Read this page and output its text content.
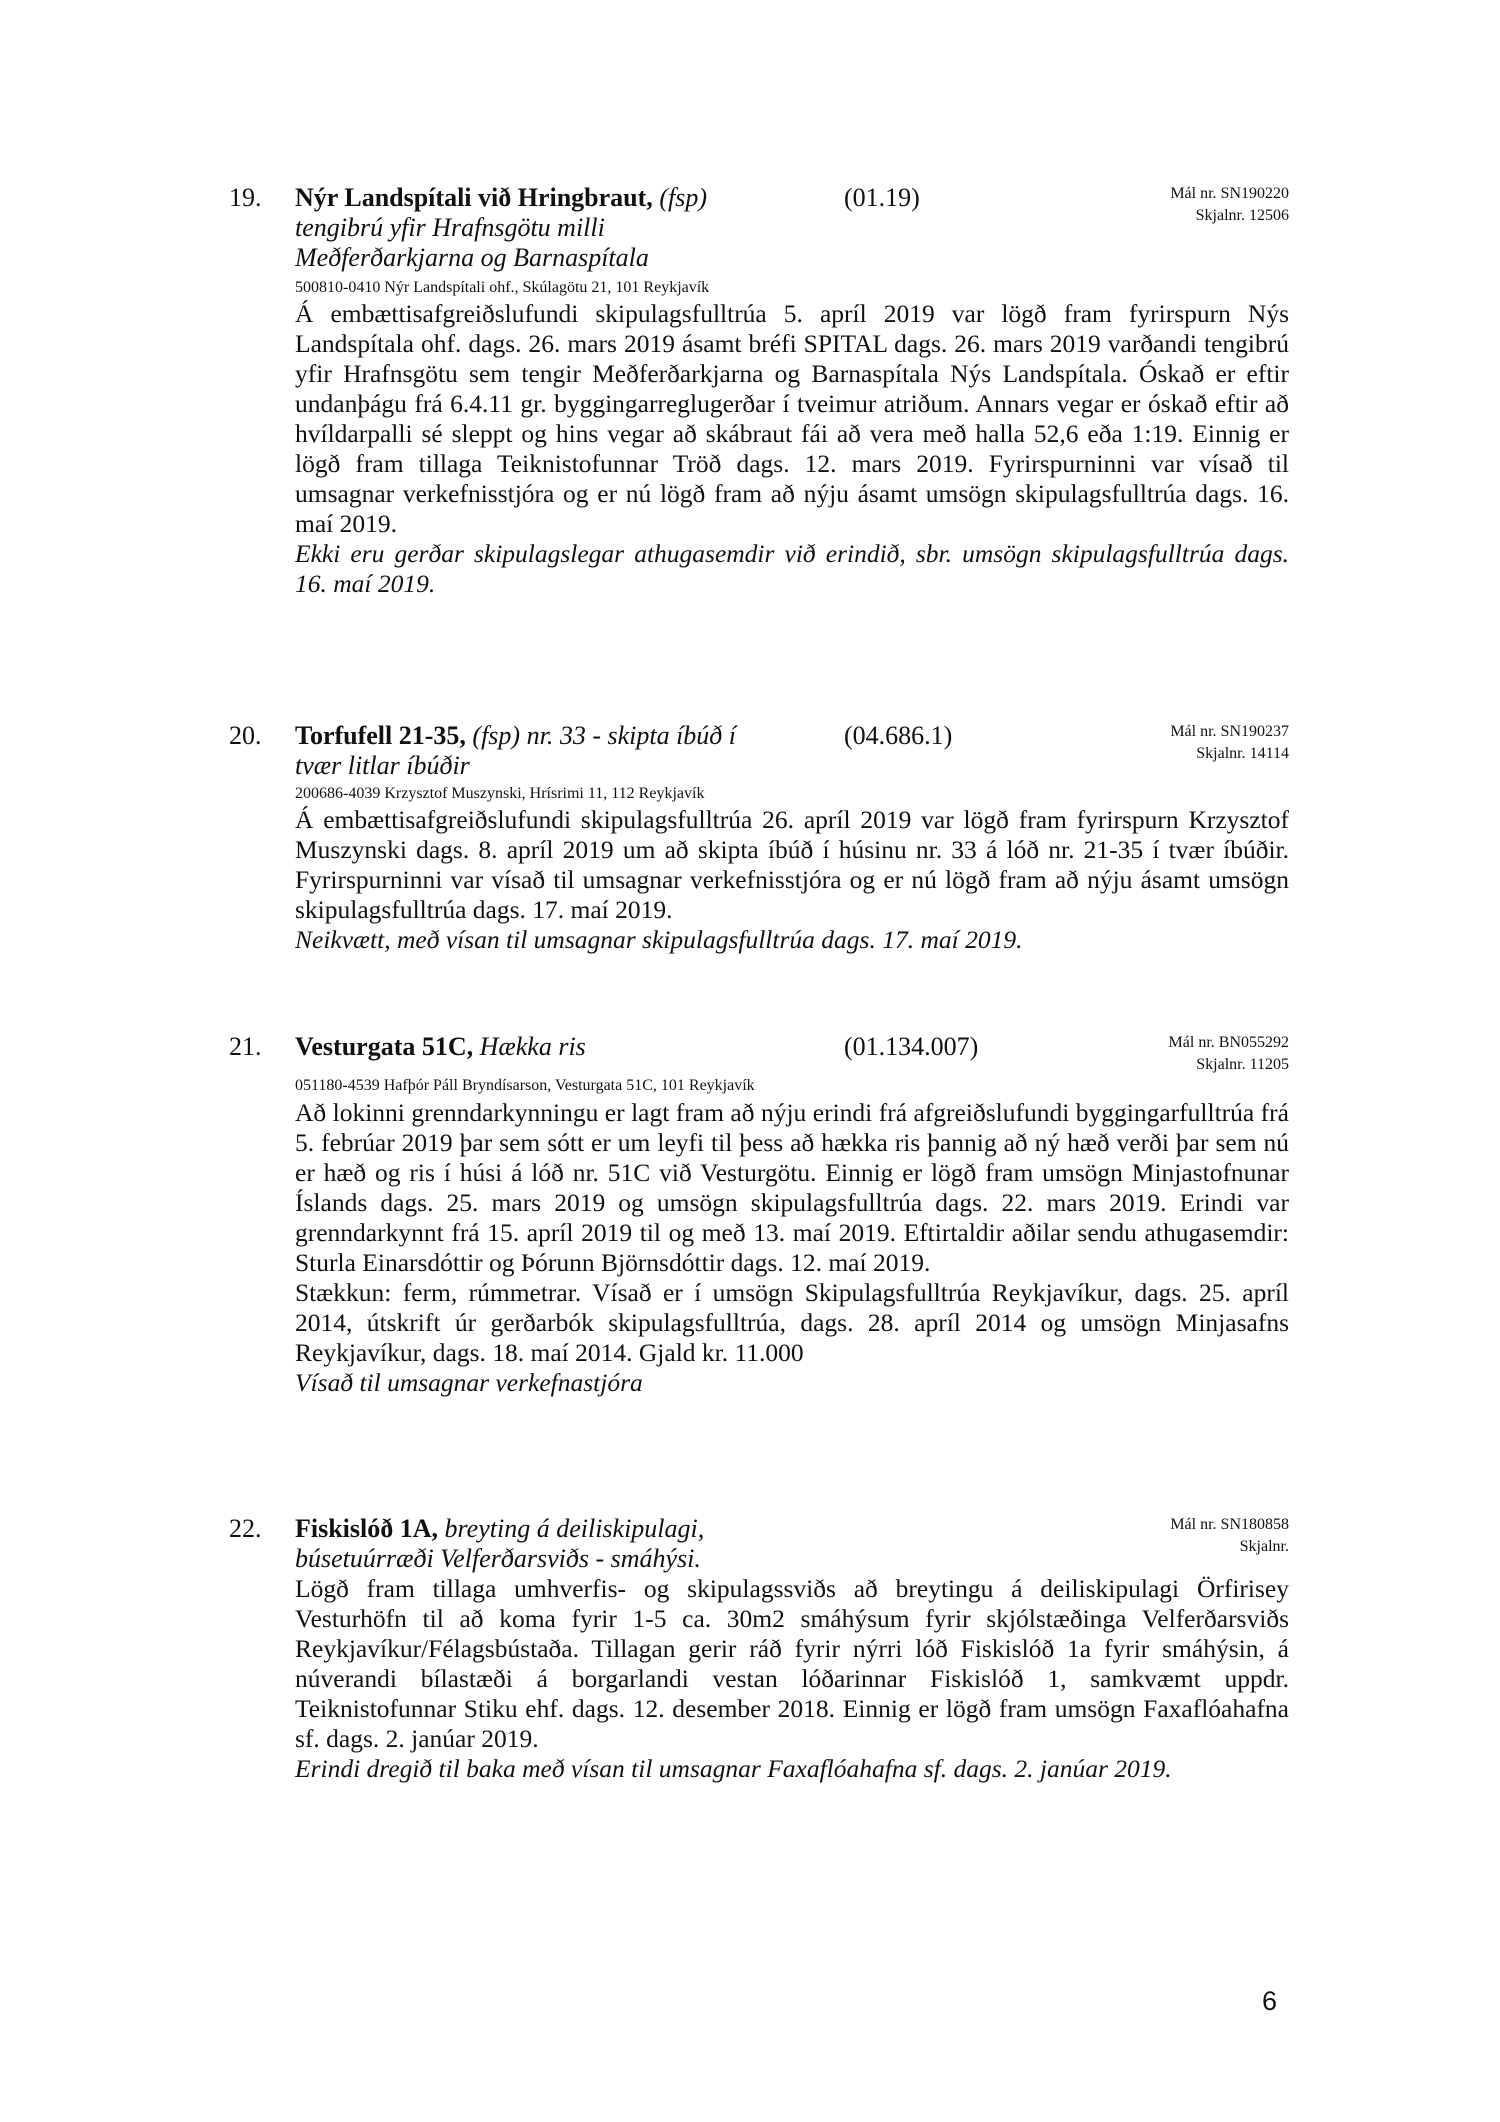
19. Nýr Landspítali við Hringbraut, (fsp)
tengibrú yfir Hrafnsgötu milli
Meðferðarkjarna og Barnaspítala
(01.19)	Mál nr. SN190220
Skjalnr. 12506
500810-0410 Nýr Landspítali ohf., Skúlagötu 21, 101 Reykjavík

Á embættisafgreiðslufundi skipulagsfulltrúa 5. apríl 2019 var lögð fram fyrirspurn Nýs Landspítala ohf. dags. 26. mars 2019 ásamt bréfi SPITAL dags. 26. mars 2019 varðandi tengibrú yfir Hrafnsgötu sem tengir Meðferðarkjarna og Barnaspítala Nýs Landspítala. Óskað er eftir undanþágu frá 6.4.11 gr. byggingarreglugerðar í tveimur atriðum. Annars vegar er óskað eftir að hvíldarpalli sé sleppt og hins vegar að skábraut fái að vera með halla 52,6 eða 1:19. Einnig er lögð fram tillaga Teiknistofunnar Tröð dags. 12. mars 2019. Fyrirspurninni var vísað til umsagnar verkefnisstjóra og er nú lögð fram að nýju ásamt umsögn skipulagsfulltrúa dags. 16. maí 2019.

Ekki eru gerðar skipulagslegar athugasemdir við erindið, sbr. umsögn skipulagsfulltrúa dags. 16. maí 2019.

20. Torfufell 21-35, (fsp) nr. 33 - skipta íbúð í
tvær litlar íbúðir
(04.686.1)	Mál nr. SN190237
Skjalnr. 14114
200686-4039 Krzysztof Muszynski, Hrísrimi 11, 112 Reykjavík

Á embættisafgreiðslufundi skipulagsfulltrúa 26. apríl 2019 var lögð fram fyrirspurn Krzysztof Muszynski dags. 8. apríl 2019 um að skipta íbúð í húsinu nr. 33 á lóð nr. 21-35 í tvær íbúðir. Fyrirspurninni var vísað til umsagnar verkefnisstjóra og er nú lögð fram að nýju ásamt umsögn skipulagsfulltrúa dags. 17. maí 2019.

Neikvætt, með vísan til umsagnar skipulagsfulltrúa dags. 17. maí 2019.

21. Vesturgata 51C, Hækka ris	(01.134.007)	Mál nr. BN055292
Skjalnr. 11205
051180-4539 Hafþór Páll Bryndísarson, Vesturgata 51C, 101 Reykjavík

Að lokinni grenndarkynningu er lagt fram að nýju erindi frá afgreiðslufundi byggingarfulltrúa frá 5. febrúar 2019 þar sem sótt er um leyfi til þess að hækka ris þannig að ný hæð verði þar sem nú er hæð og ris í húsi á lóð nr. 51C við Vesturgötu. Einnig er lögð fram umsögn Minjastofnunar Íslands dags. 25. mars 2019 og umsögn skipulagsfulltrúa dags. 22. mars 2019. Erindi var grenndarkynnt frá 15. apríl 2019 til og með 13. maí 2019. Eftirtaldir aðilar sendu athugasemdir: Sturla Einarsdóttir og Þórunn Björnsdóttir dags. 12. maí 2019.

Stækkun: ferm, rúmmetrar. Vísað er í umsögn Skipulagsfulltrúa Reykjavíkur, dags. 25. apríl 2014, útskrift úr gerðarbók skipulagsfulltrúa, dags. 28. apríl 2014 og umsögn Minjasafns Reykjavíkur, dags. 18. maí 2014. Gjald kr. 11.000

Vísað til umsagnar verkefnastjóra

22. Fiskislóð 1A, breyting á deiliskipulagi,
búsetuúrræði Velferðarsviðs - smáhýsi.
Mál nr. SN180858
Skjalnr.

Lögð fram tillaga umhverfis- og skipulagssviðs að breytingu á deiliskipulagi Örfirisey Vesturhöfn til að koma fyrir 1-5 ca. 30m2 smáhýsum fyrir skjólstæðinga Velferðarsviðs Reykjavíkur/Félagsbústaða. Tillagan gerir ráð fyrir nýrri lóð Fiskislóð 1a fyrir smáhýsin, á núverandi bílastæði á borgarlandi vestan lóðarinnar Fiskislóð 1, samkvæmt uppdr. Teiknistofunnar Stiku ehf. dags. 12. desember 2018. Einnig er lögð fram umsögn Faxaflóahafna sf. dags. 2. janúar 2019.

Erindi dregið til baka með vísan til umsagnar Faxaflóahafna sf. dags. 2. janúar 2019.

6
